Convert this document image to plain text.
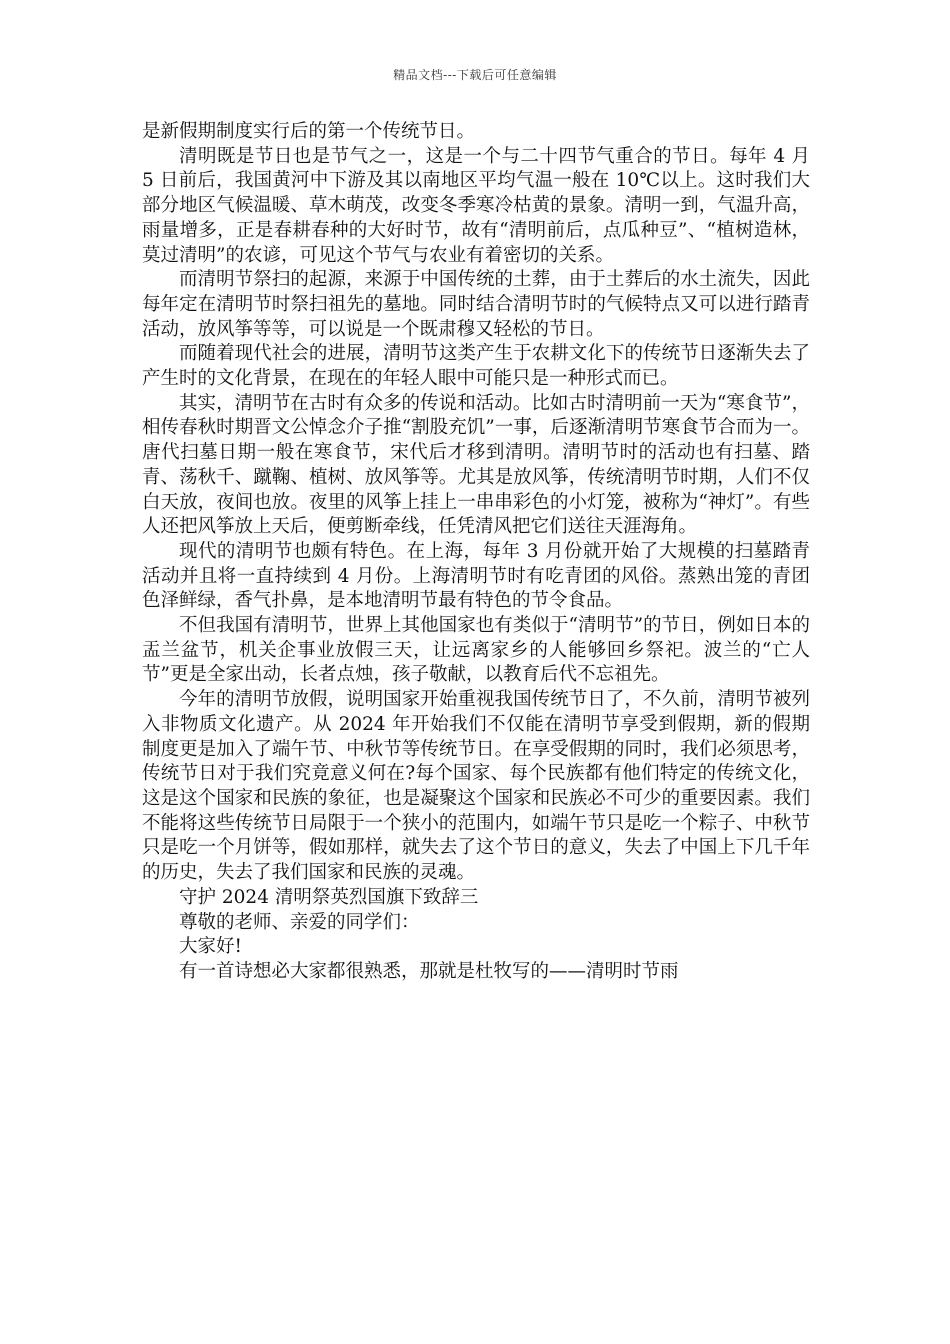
精品文档---下载后可任意编辑

是新假期制度实行后的第一个传统节日。

清明既是节日也是节气之一，这是一个与二十四节气重合的节日。每年 4 月 5 日前后，我国黄河中下游及其以南地区平均气温一般在 10℃以上。这时我们大部分地区气候温暖、草木萌茂，改变冬季寒冷枯黄的景象。清明一到，气温升高，雨量增多，正是春耕春种的大好时节，故有“清明前后，点瓜种豆”、“植树造林，莫过清明”的农谚，可见这个节气与农业有着密切的关系。

而清明节祭扫的起源，来源于中国传统的土葬，由于土葬后的水土流失，因此每年定在清明节时祭扫祖先的墓地。同时结合清明节时的气候特点又可以进行踏青活动，放风筝等等，可以说是一个既肃穆又轻松的节日。

而随着现代社会的进展，清明节这类产生于农耕文化下的传统节日逐渐失去了产生时的文化背景，在现在的年轻人眼中可能只是一种形式而已。

其实，清明节在古时有众多的传说和活动。比如古时清明前一天为“寒食节”，相传春秋时期晋文公悼念介子推“割股充饥”一事，后逐渐清明节寒食节合而为一。唐代扫墓日期一般在寒食节，宋代后才移到清明。清明节时的活动也有扫墓、踏青、荡秋千、蹴鞠、植树、放风筝等。尤其是放风筝，传统清明节时期，人们不仅白天放，夜间也放。夜里的风筝上挂上一串串彩色的小灯笼，被称为“神灯”。有些人还把风筝放上天后，便剪断牵线，任凭清风把它们送往天涯海角。

现代的清明节也颇有特色。在上海，每年 3 月份就开始了大规模的扫墓踏青活动并且将一直持续到 4 月份。上海清明节时有吃青团的风俗。蒸熟出笼的青团色泽鲜绿，香气扑鼻，是本地清明节最有特色的节令食品。

不但我国有清明节，世界上其他国家也有类似于“清明节”的节日，例如日本的盂兰盆节，机关企事业放假三天，让远离家乡的人能够回乡祭祀。波兰的“亡人节”更是全家出动，长者点烛，孩子敬献，以教育后代不忘祖先。

今年的清明节放假，说明国家开始重视我国传统节日了，不久前，清明节被列入非物质文化遗产。从 2024 年开始我们不仅能在清明节享受到假期，新的假期制度更是加入了端午节、中秋节等传统节日。在享受假期的同时，我们必须思考，传统节日对于我们究竟意义何在?每个国家、每个民族都有他们特定的传统文化，这是这个国家和民族的象征，也是凝聚这个国家和民族必不可少的重要因素。我们不能将这些传统节日局限于一个狭小的范围内，如端午节只是吃一个粽子、中秋节只是吃一个月饼等，假如那样，就失去了这个节日的意义，失去了中国上下几千年的历史，失去了我们国家和民族的灵魂。

守护 2024 清明祭英烈国旗下致辞三

尊敬的老师、亲爱的同学们：

大家好!

有一首诗想必大家都很熟悉，那就是杜牧写的——清明时节雨
